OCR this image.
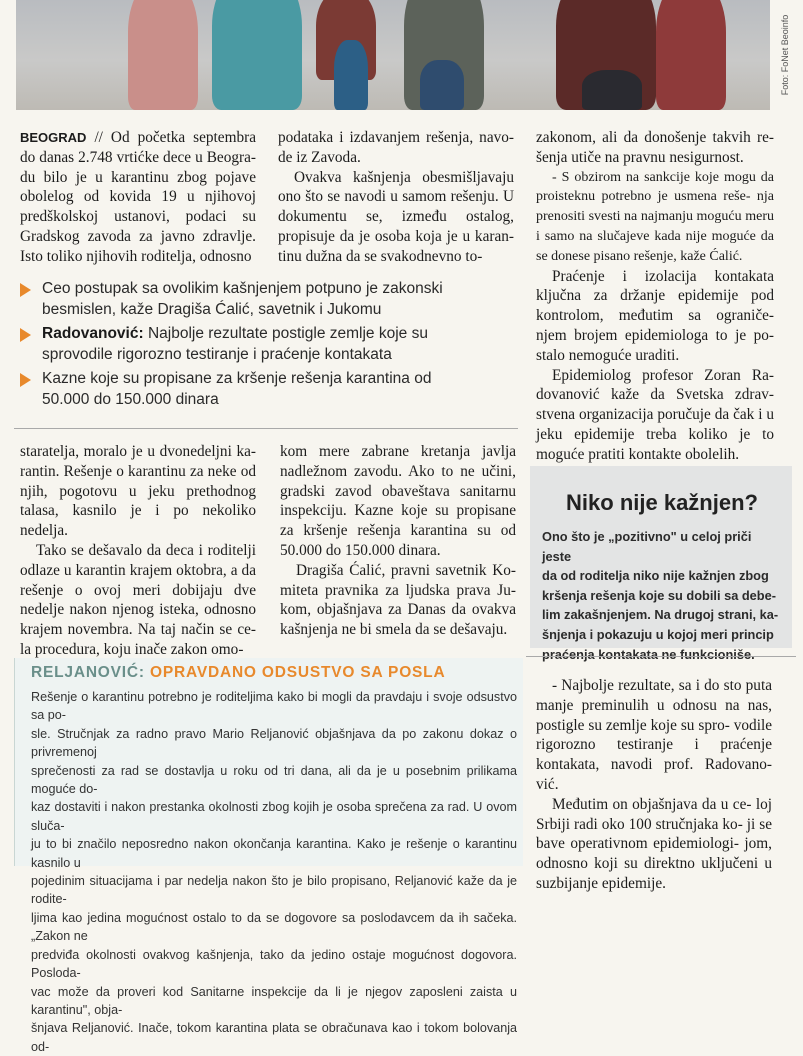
Foto: FoNet Beoinfo

BEOGRAD // Od početka septembra do danas 2.748 vrtićke dece u Beogra- du bilo je u karantinu zbog pojave obolelog od kovida 19 u njihovoj predškolskoj ustanovi, podaci su Gradskog zavoda za javno zdravlje. Isto toliko njihovih roditelja, odnosno

podataka i izdavanjem rešenja, navo- de iz Zavoda.

Ovakva kašnjenja obesmišljavaju ono što se navodi u samom rešenju. U dokumentu se, između ostalog, propisuje da je osoba koja je u karan- tinu dužna da se svakodnevno to-

zakonom, ali da donošenje takvih re- šenja utiče na pravnu nesigurnost.

- S obzirom na sankcije koje mogu da proisteknu potrebno je usmena reše- nja prenositi svesti na najmanju moguću meru i samo na slučajeve kada nije moguće da se donese pisano rešenje, kaže Ćalić.

Praćenje i izolacija kontakata ključna za držanje epidemije pod kontrolom, međutim sa ograniče- njem brojem epidemiologa to je po- stalo nemoguće uraditi.

Epidemiolog profesor Zoran Ra- dovanović kaže da Svetska zdrav- stvena organizacija poručuje da čak i u jeku epidemije treba koliko je to moguće pratiti kontakte obolelih.

Ceo postupak sa ovolikim kašnjenjem potpuno je zakonski
besmislen, kaže Dragiša Ćalić, savetnik i Jukomu
Radovanović: Najbolje rezultate postigle zemlje koje su
sprovodile rigorozno testiranje i praćenje kontakata
Kazne koje su propisane za kršenje rešenja karantina od
50.000 do 150.000 dinara

staratelja, moralo je u dvonedeljni ka- rantin. Rešenje o karantinu za neke od njih, pogotovu u jeku prethodnog talasa, kasnilo je i po nekoliko nedelja.

Tako se dešavalo da deca i roditelji odlaze u karantin krajem oktobra, a da rešenje o ovoj meri dobijaju dve nedelje nakon njenog isteka, odnosno krajem novembra. Na taj način se ce- la procedura, koju inače zakon omo-

kom mere zabrane kretanja javlja nadležnom zavodu. Ako to ne učini, gradski zavod obaveštava sanitarnu inspekciju. Kazne koje su propisane za kršenje rešenja karantina su od 50.000 do 150.000 dinara.

Dragiša Ćalić, pravni savetnik Ko- miteta pravnika za ljudska prava Ju- kom, objašnjava za Danas da ovakva kašnjenja ne bi smela da se dešavaju.

Niko nije kažnjen?
Ono što je „pozitivno" u celoj priči jeste
da od roditelja niko nije kažnjen zbog
kršenja rešenja koje su dobili sa debe-
lim zakašnjenjem. Na drugoj strani, ka-
šnjenja i pokazuju u kojoj meri princip
praćenja kontakata ne funkcioniše.
RELJANOVIĆ: OPRAVDANO ODSUSTVO SA POSLA

Rešenje o karantinu potrebno je roditeljima kako bi mogli da pravdaju i svoje odsustvo sa po-

sle. Stručnjak za radno pravo Mario Reljanović objašnjava da po zakonu dokaz o privremenoj

sprečenosti za rad se dostavlja u roku od tri dana, ali da je u posebnim prilikama moguće do-

kaz dostaviti i nakon prestanka okolnosti zbog kojih je osoba sprečena za rad. U ovom sluča-

ju to bi značilo neposredno nakon okončanja karantina. Kako je rešenje o karantinu kasnilo u

pojedinim situacijama i par nedelja nakon što je bilo propisano, Reljanović kaže da je rodite-

ljima kao jedina mogućnost ostalo to da se dogovore sa poslodavcem da ih sačeka. „Zakon ne

predviđa okolnosti ovakvog kašnjenja, tako da jedino ostaje mogućnost dogovora. Posloda-

vac može da proveri kod Sanitarne inspekcije da li je njegov zaposleni zaista u karantinu", obja-

šnjava Reljanović. Inače, tokom karantina plata se obračunava kao i tokom bolovanja od-

- Najbolje rezultate, sa i do sto puta manje preminulih u odnosu na nas, postigle su zemlje koje su spro- vodile rigorozno testiranje i praćenje kontakata, navodi prof. Radovano- vić.

Međutim on objašnjava da u ce- loj Srbiji radi oko 100 stručnjaka ko- ji se bave operativnom epidemiologi- jom, odnosno koji su direktno uključeni u suzbijanje epidemije.
